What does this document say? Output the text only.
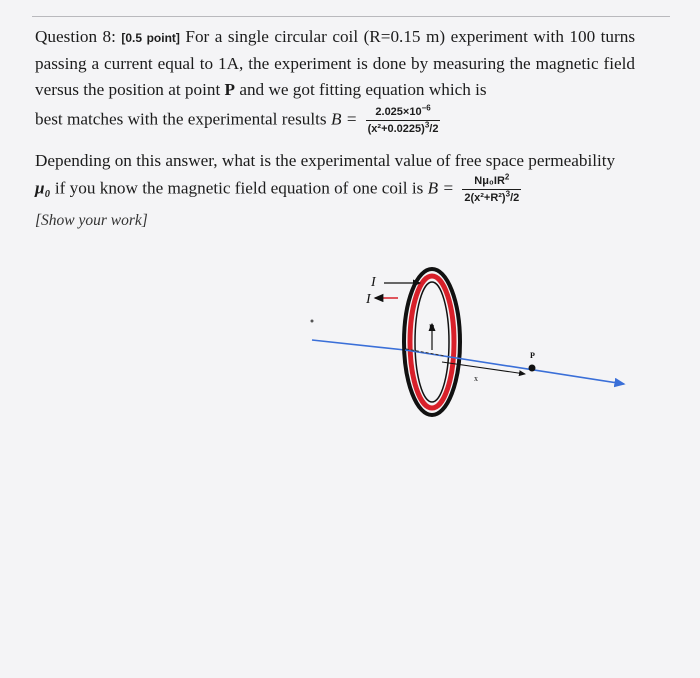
Question 8: [0.5 point] For a single circular coil (R=0.15 m) experiment with 100 turns passing a current equal to 1A, the experiment is done by measuring the magnetic field versus the position at point P and we got fitting equation which is

best matches with the experimental results $B = \frac{2.025\times 10^{-6}}{(x^2+0.0225)^3/2}$

Depending on this answer, what is the experimental value of free space permeability

μ₀ if you know the magnetic field equation of one coil is $B = \frac{N\mu_0IR^2}{2(x^2+R^2)^3/2}$

[Show your work]
I
I
R
P
x
